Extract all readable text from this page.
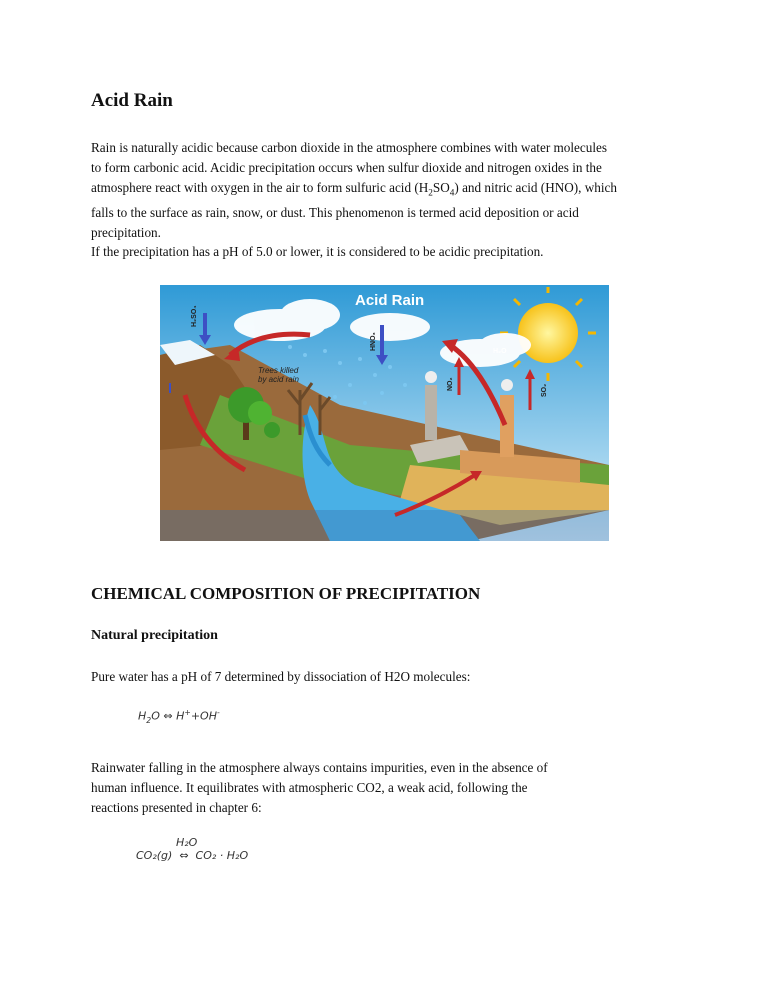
Acid Rain
Rain is naturally acidic because carbon dioxide in the atmosphere combines with water molecules
to form carbonic acid. Acidic precipitation occurs when sulfur dioxide and nitrogen oxides in the
atmosphere react with oxygen in the air to form sulfuric acid $(H_2SO_4)$ and nitric acid (HNO), which
falls to the surface as rain, snow, or dust. This phenomenon is termed acid deposition or acid
precipitation.
If the precipitation has a pH of 5.0 or lower, it is considered to be acidic precipitation.
Acid Rain
Trees killed by acid rain
H₂SO₄
HNO₃
NO₂	SO₂
H₂O
CHEMICAL COMPOSITION OF PRECIPITATION
Natural precipitation
Pure water has a pH of 7 determined by dissociation of H2O molecules:
$H_2O$ ⇔ H++OH-
Rainwater falling in the atmosphere always contains impurities, even in the absence of
human influence. It equilibrates with atmospheric CO2, a weak acid, following the
reactions presented in chapter 6:
H₂O
CO₂(g) ⇔ CO₂ · H₂O
